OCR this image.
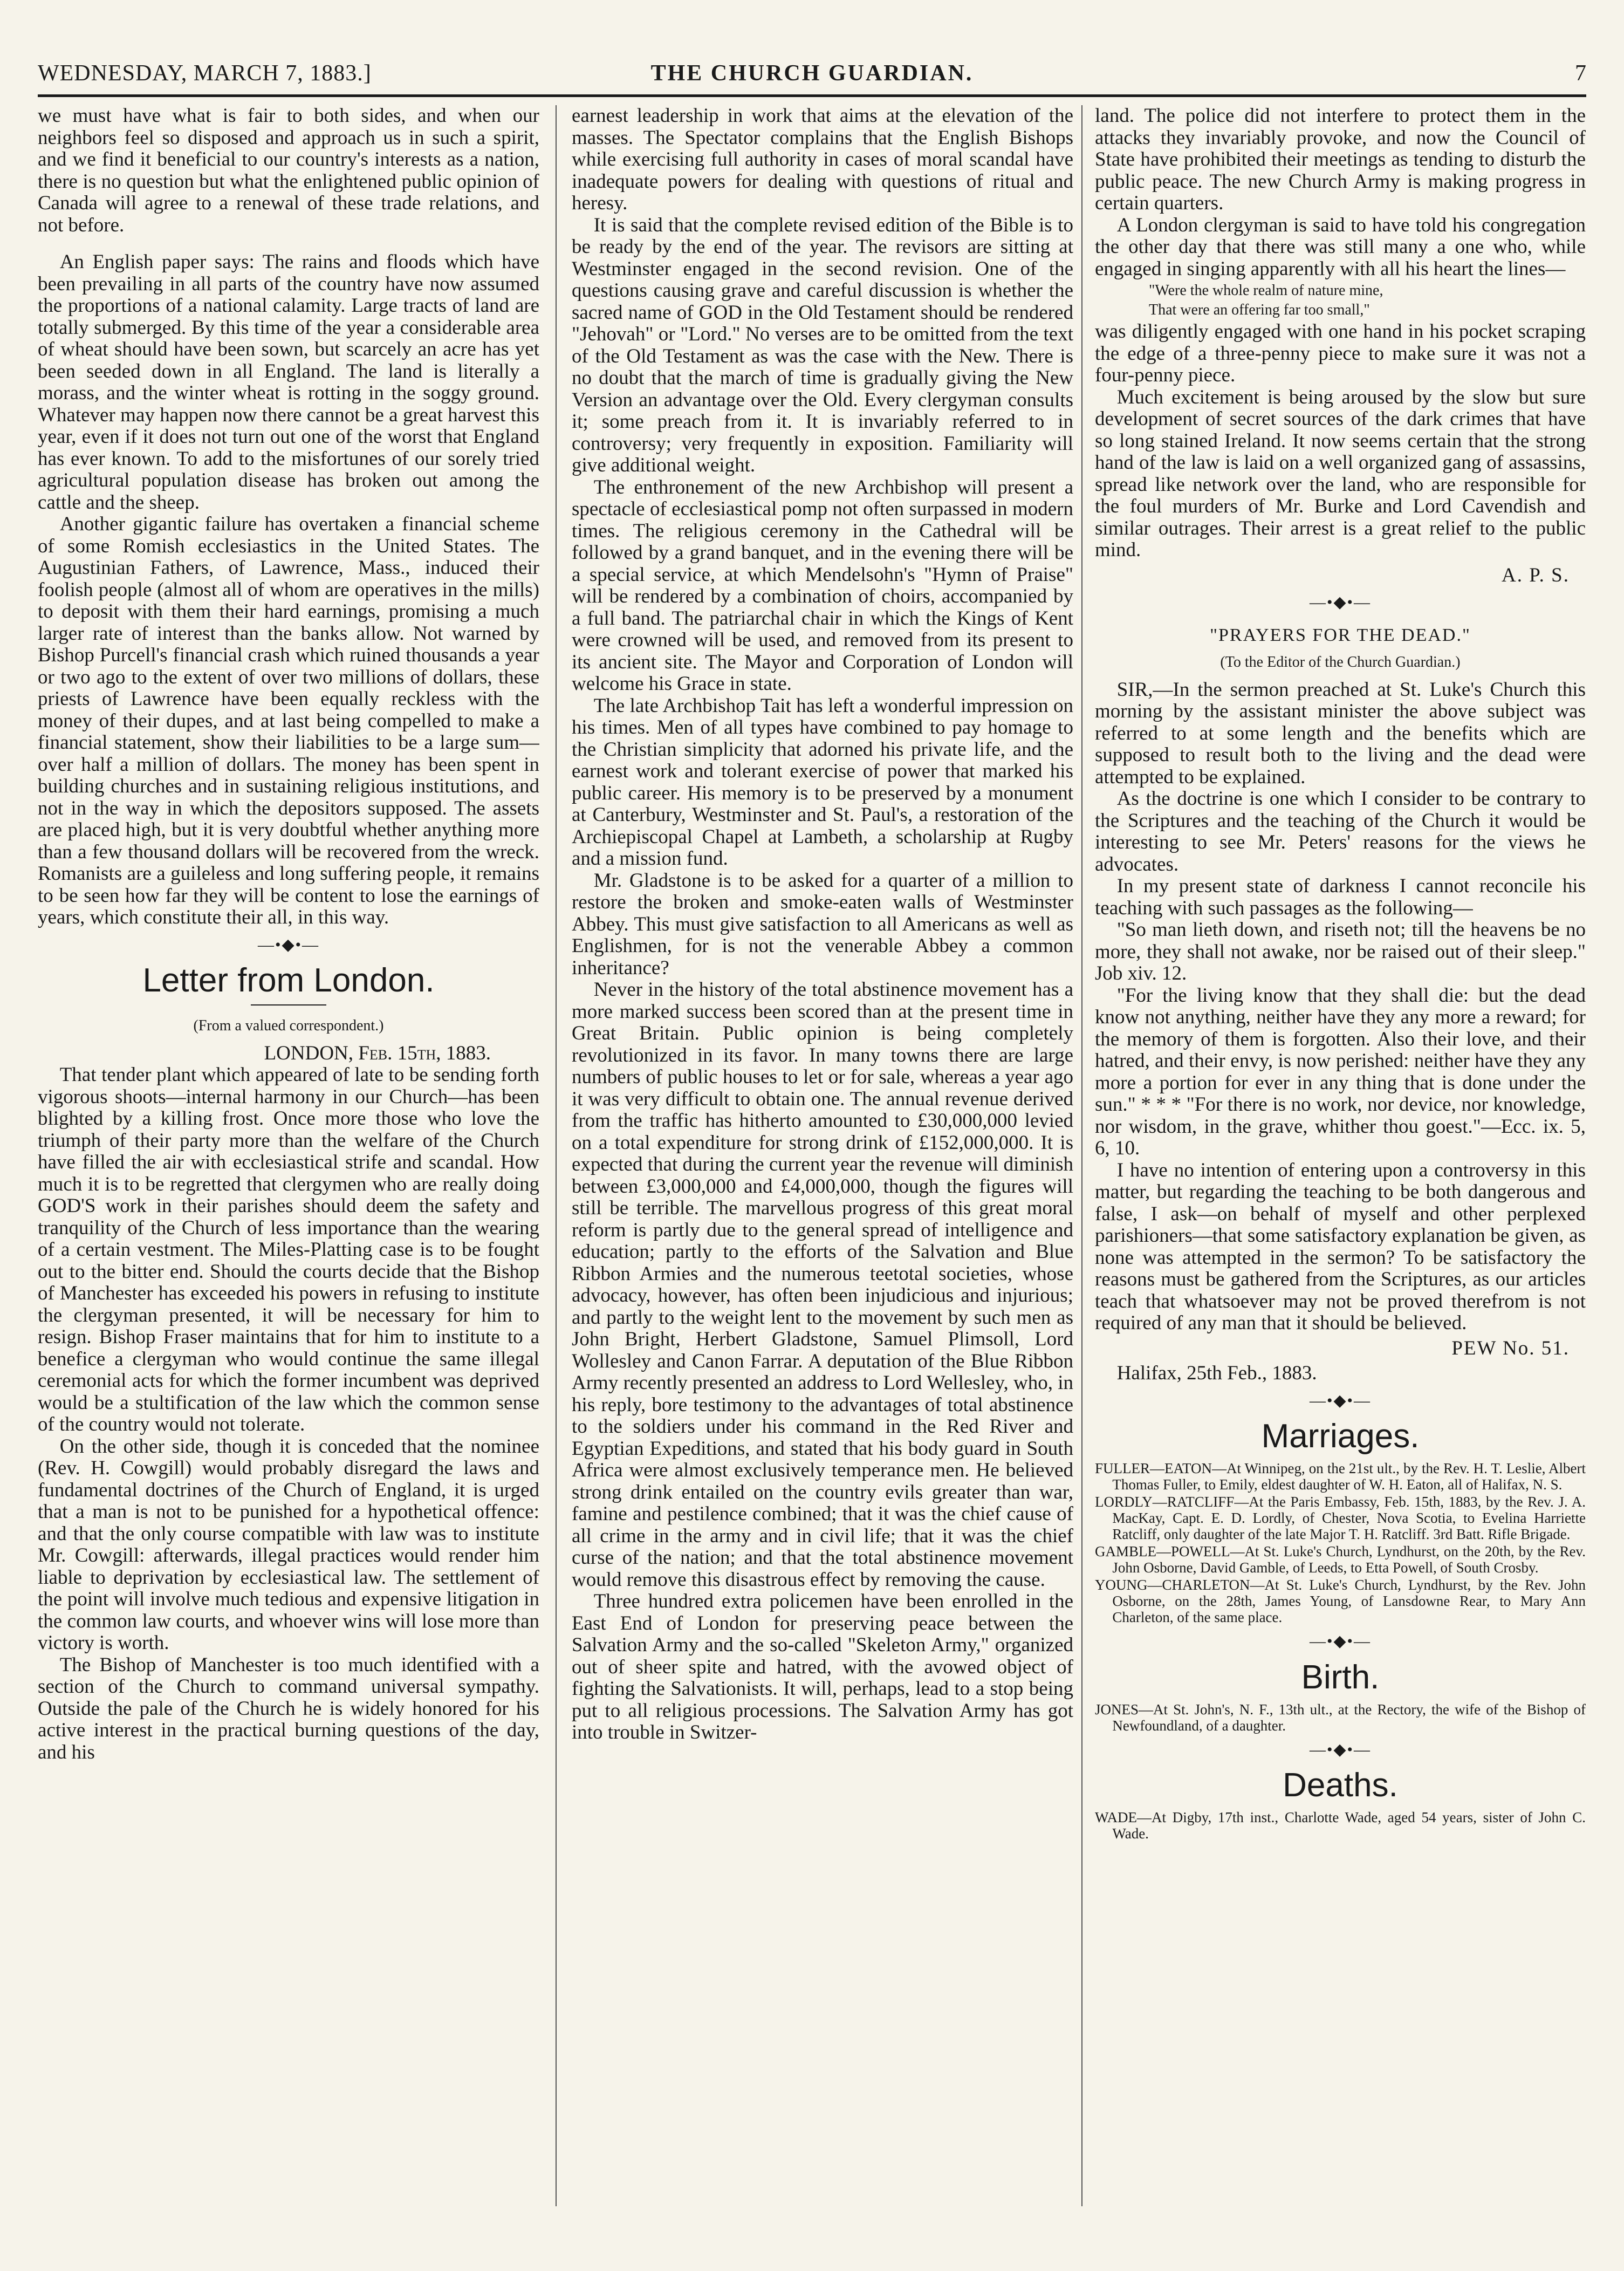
WEDNESDAY, MARCH 7, 1883.]	THE CHURCH GUARDIAN.	7

we must have what is fair to both sides, and when our neighbors feel so disposed and approach us in such a spirit, and we find it beneficial to our country's interests as a nation, there is no question but what the enlightened public opinion of Canada will agree to a renewal of these trade relations, and not before.

An English paper says: The rains and floods which have been prevailing in all parts of the country have now assumed the proportions of a national calamity. Large tracts of land are totally submerged. By this time of the year a considerable area of wheat should have been sown, but scarcely an acre has yet been seeded down in all England. The land is literally a morass, and the winter wheat is rotting in the soggy ground. Whatever may happen now there cannot be a great harvest this year, even if it does not turn out one of the worst that England has ever known. To add to the misfortunes of our sorely tried agricultural population disease has broken out among the cattle and the sheep.

Another gigantic failure has overtaken a financial scheme of some Romish ecclesiastics in the United States. The Augustinian Fathers, of Lawrence, Mass., induced their foolish people (almost all of whom are operatives in the mills) to deposit with them their hard earnings, promising a much larger rate of interest than the banks allow. Not warned by Bishop Purcell's financial crash which ruined thousands a year or two ago to the extent of over two millions of dollars, these priests of Lawrence have been equally reckless with the money of their dupes, and at last being compelled to make a financial statement, show their liabilities to be a large sum—over half a million of dollars. The money has been spent in building churches and in sustaining religious institutions, and not in the way in which the depositors supposed. The assets are placed high, but it is very doubtful whether anything more than a few thousand dollars will be recovered from the wreck. Romanists are a guileless and long suffering people, it remains to be seen how far they will be content to lose the earnings of years, which constitute their all, in this way.

—•◆•—
Letter from London.
(From a valued correspondent.)

LONDON, Feb. 15th, 1883.

That tender plant which appeared of late to be sending forth vigorous shoots—internal harmony in our Church—has been blighted by a killing frost. Once more those who love the triumph of their party more than the welfare of the Church have filled the air with ecclesiastical strife and scandal. How much it is to be regretted that clergymen who are really doing GOD'S work in their parishes should deem the safety and tranquility of the Church of less importance than the wearing of a certain vestment. The Miles-Platting case is to be fought out to the bitter end. Should the courts decide that the Bishop of Manchester has exceeded his powers in refusing to institute the clergyman presented, it will be necessary for him to resign. Bishop Fraser maintains that for him to institute to a benefice a clergyman who would continue the same illegal ceremonial acts for which the former incumbent was deprived would be a stultification of the law which the common sense of the country would not tolerate.

On the other side, though it is conceded that the nominee (Rev. H. Cowgill) would probably disregard the laws and fundamental doctrines of the Church of England, it is urged that a man is not to be punished for a hypothetical offence: and that the only course compatible with law was to institute Mr. Cowgill: afterwards, illegal practices would render him liable to deprivation by ecclesiastical law. The settlement of the point will involve much tedious and expensive litigation in the common law courts, and whoever wins will lose more than victory is worth.

The Bishop of Manchester is too much identified with a section of the Church to command universal sympathy. Outside the pale of the Church he is widely honored for his active interest in the practical burning questions of the day, and his

earnest leadership in work that aims at the elevation of the masses. The Spectator complains that the English Bishops while exercising full authority in cases of moral scandal have inadequate powers for dealing with questions of ritual and heresy.

It is said that the complete revised edition of the Bible is to be ready by the end of the year. The revisors are sitting at Westminster engaged in the second revision. One of the questions causing grave and careful discussion is whether the sacred name of GOD in the Old Testament should be rendered "Jehovah" or "Lord." No verses are to be omitted from the text of the Old Testament as was the case with the New. There is no doubt that the march of time is gradually giving the New Version an advantage over the Old. Every clergyman consults it; some preach from it. It is invariably referred to in controversy; very frequently in exposition. Familiarity will give additional weight.

The enthronement of the new Archbishop will present a spectacle of ecclesiastical pomp not often surpassed in modern times. The religious ceremony in the Cathedral will be followed by a grand banquet, and in the evening there will be a special service, at which Mendelsohn's "Hymn of Praise" will be rendered by a combination of choirs, accompanied by a full band. The patriarchal chair in which the Kings of Kent were crowned will be used, and removed from its present to its ancient site. The Mayor and Corporation of London will welcome his Grace in state.

The late Archbishop Tait has left a wonderful impression on his times. Men of all types have combined to pay homage to the Christian simplicity that adorned his private life, and the earnest work and tolerant exercise of power that marked his public career. His memory is to be preserved by a monument at Canterbury, Westminster and St. Paul's, a restoration of the Archiepiscopal Chapel at Lambeth, a scholarship at Rugby and a mission fund.

Mr. Gladstone is to be asked for a quarter of a million to restore the broken and smoke-eaten walls of Westminster Abbey. This must give satisfaction to all Americans as well as Englishmen, for is not the venerable Abbey a common inheritance?

Never in the history of the total abstinence movement has a more marked success been scored than at the present time in Great Britain. Public opinion is being completely revolutionized in its favor. In many towns there are large numbers of public houses to let or for sale, whereas a year ago it was very difficult to obtain one. The annual revenue derived from the traffic has hitherto amounted to £30,000,000 levied on a total expenditure for strong drink of £152,000,000. It is expected that during the current year the revenue will diminish between £3,000,000 and £4,000,000, though the figures will still be terrible. The marvellous progress of this great moral reform is partly due to the general spread of intelligence and education; partly to the efforts of the Salvation and Blue Ribbon Armies and the numerous teetotal societies, whose advocacy, however, has often been injudicious and injurious; and partly to the weight lent to the movement by such men as John Bright, Herbert Gladstone, Samuel Plimsoll, Lord Wollesley and Canon Farrar. A deputation of the Blue Ribbon Army recently presented an address to Lord Wellesley, who, in his reply, bore testimony to the advantages of total abstinence to the soldiers under his command in the Red River and Egyptian Expeditions, and stated that his body guard in South Africa were almost exclusively temperance men. He believed strong drink entailed on the country evils greater than war, famine and pestilence combined; that it was the chief cause of all crime in the army and in civil life; that it was the chief curse of the nation; and that the total abstinence movement would remove this disastrous effect by removing the cause.

Three hundred extra policemen have been enrolled in the East End of London for preserving peace between the Salvation Army and the so-called "Skeleton Army," organized out of sheer spite and hatred, with the avowed object of fighting the Salvationists. It will, perhaps, lead to a stop being put to all religious processions. The Salvation Army has got into trouble in Switzer-

land. The police did not interfere to protect them in the attacks they invariably provoke, and now the Council of State have prohibited their meetings as tending to disturb the public peace. The new Church Army is making progress in certain quarters.

A London clergyman is said to have told his congregation the other day that there was still many a one who, while engaged in singing apparently with all his heart the lines—

"Were the whole realm of nature mine,

That were an offering far too small,"

was diligently engaged with one hand in his pocket scraping the edge of a three-penny piece to make sure it was not a four-penny piece.

Much excitement is being aroused by the slow but sure development of secret sources of the dark crimes that have so long stained Ireland. It now seems certain that the strong hand of the law is laid on a well organized gang of assassins, spread like network over the land, who are responsible for the foul murders of Mr. Burke and Lord Cavendish and similar outrages. Their arrest is a great relief to the public mind.

A. P. S.
—•◆•—
"PRAYERS FOR THE DEAD."
(To the Editor of the Church Guardian.)

SIR,—In the sermon preached at St. Luke's Church this morning by the assistant minister the above subject was referred to at some length and the benefits which are supposed to result both to the living and the dead were attempted to be explained.

As the doctrine is one which I consider to be contrary to the Scriptures and the teaching of the Church it would be interesting to see Mr. Peters' reasons for the views he advocates.

In my present state of darkness I cannot reconcile his teaching with such passages as the following—

"So man lieth down, and riseth not; till the heavens be no more, they shall not awake, nor be raised out of their sleep." Job xiv. 12.

"For the living know that they shall die: but the dead know not anything, neither have they any more a reward; for the memory of them is forgotten. Also their love, and their hatred, and their envy, is now perished: neither have they any more a portion for ever in any thing that is done under the sun." * * * "For there is no work, nor device, nor knowledge, nor wisdom, in the grave, whither thou goest."—Ecc. ix. 5, 6, 10.

I have no intention of entering upon a controversy in this matter, but regarding the teaching to be both dangerous and false, I ask—on behalf of myself and other perplexed parishioners—that some satisfactory explanation be given, as none was attempted in the sermon? To be satisfactory the reasons must be gathered from the Scriptures, as our articles teach that whatsoever may not be proved therefrom is not required of any man that it should be believed.

PEW No. 51.

Halifax, 25th Feb., 1883.

—•◆•—
Marriages.

FULLER—EATON—At Winnipeg, on the 21st ult., by the Rev. H. T. Leslie, Albert Thomas Fuller, to Emily, eldest daughter of W. H. Eaton, all of Halifax, N. S.

LORDLY—RATCLIFF—At the Paris Embassy, Feb. 15th, 1883, by the Rev. J. A. MacKay, Capt. E. D. Lordly, of Chester, Nova Scotia, to Evelina Harriette Ratcliff, only daughter of the late Major T. H. Ratcliff. 3rd Batt. Rifle Brigade.

GAMBLE—POWELL—At St. Luke's Church, Lyndhurst, on the 20th, by the Rev. John Osborne, David Gamble, of Leeds, to Etta Powell, of South Crosby.

YOUNG—CHARLETON—At St. Luke's Church, Lyndhurst, by the Rev. John Osborne, on the 28th, James Young, of Lansdowne Rear, to Mary Ann Charleton, of the same place.

—•◆•—
Birth.

JONES—At St. John's, N. F., 13th ult., at the Rectory, the wife of the Bishop of Newfoundland, of a daughter.

—•◆•—
Deaths.

WADE—At Digby, 17th inst., Charlotte Wade, aged 54 years, sister of John C. Wade.
